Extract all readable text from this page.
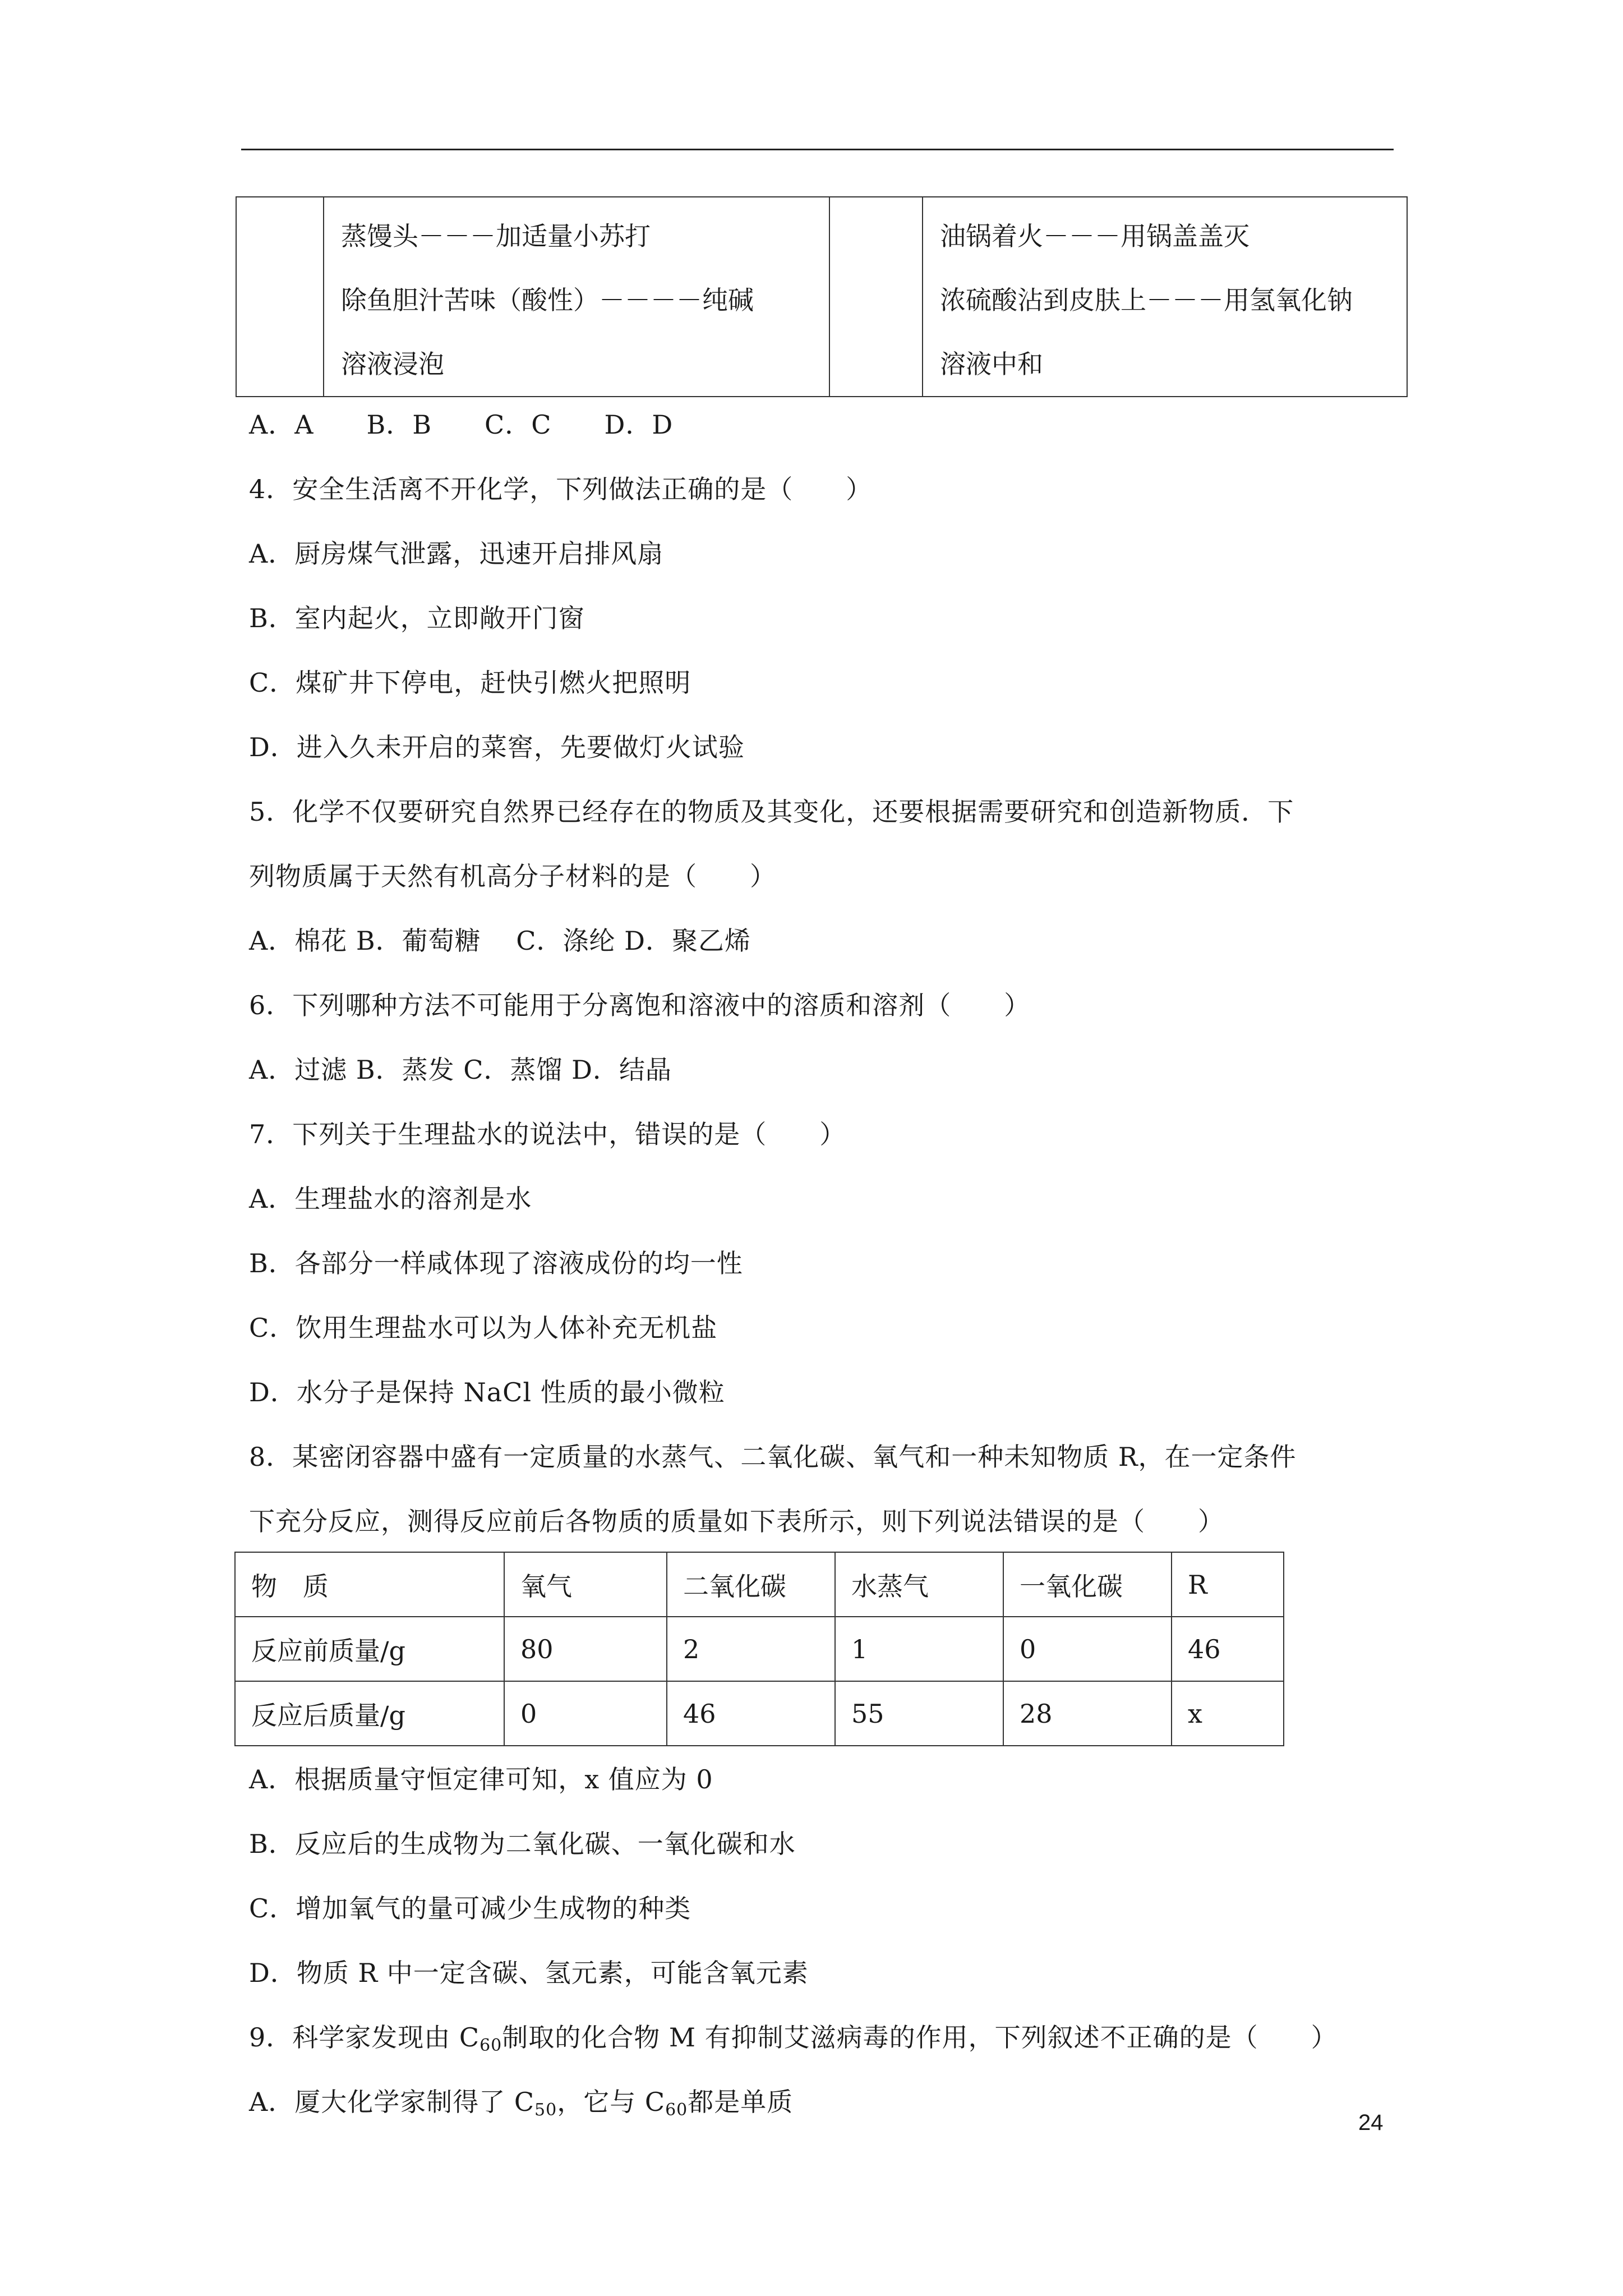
蒸馒头－－－加适量小苏打
除鱼胆汁苦味（酸性）－－－－纯碱
溶液浸泡

油锅着火－－－用锅盖盖灭
浓硫酸沾到皮肤上－－－用氢氧化钠
溶液中和
A．A　　B．B　　C．C　　D．D
4．安全生活离不开化学，下列做法正确的是（　　）
A．厨房煤气泄露，迅速开启排风扇
B．室内起火，立即敞开门窗
C．煤矿井下停电，赶快引燃火把照明
D．进入久未开启的菜窖，先要做灯火试验
5．化学不仅要研究自然界已经存在的物质及其变化，还要根据需要研究和创造新物质．下
列物质属于天然有机高分子材料的是（　　）
A．棉花 B．葡萄糖　 C．涤纶 D．聚乙烯
6．下列哪种方法不可能用于分离饱和溶液中的溶质和溶剂（　　）
A．过滤 B．蒸发 C．蒸馏 D．结晶
7．下列关于生理盐水的说法中，错误的是（　　）
A．生理盐水的溶剂是水
B．各部分一样咸体现了溶液成份的均一性
C．饮用生理盐水可以为人体补充无机盐
D．水分子是保持 NaCl 性质的最小微粒
8．某密闭容器中盛有一定质量的水蒸气、二氧化碳、氧气和一种未知物质 R，在一定条件
下充分反应，测得反应前后各物质的质量如下表所示，则下列说法错误的是（　　）
物　质	氧气	二氧化碳	水蒸气	一氧化碳	R
反应前质量/g	80	2	1	0	46
反应后质量/g	0	46	55	28	x
A．根据质量守恒定律可知，x 值应为 0
B．反应后的生成物为二氧化碳、一氧化碳和水
C．增加氧气的量可减少生成物的种类
D．物质 R 中一定含碳、氢元素，可能含氧元素
9．科学家发现由 $C_{60}$制取的化合物 M 有抑制艾滋病毒的作用，下列叙述不正确的是（　　）
A．厦大化学家制得了 $C_{50}$，它与 $C_{60}$都是单质
24
